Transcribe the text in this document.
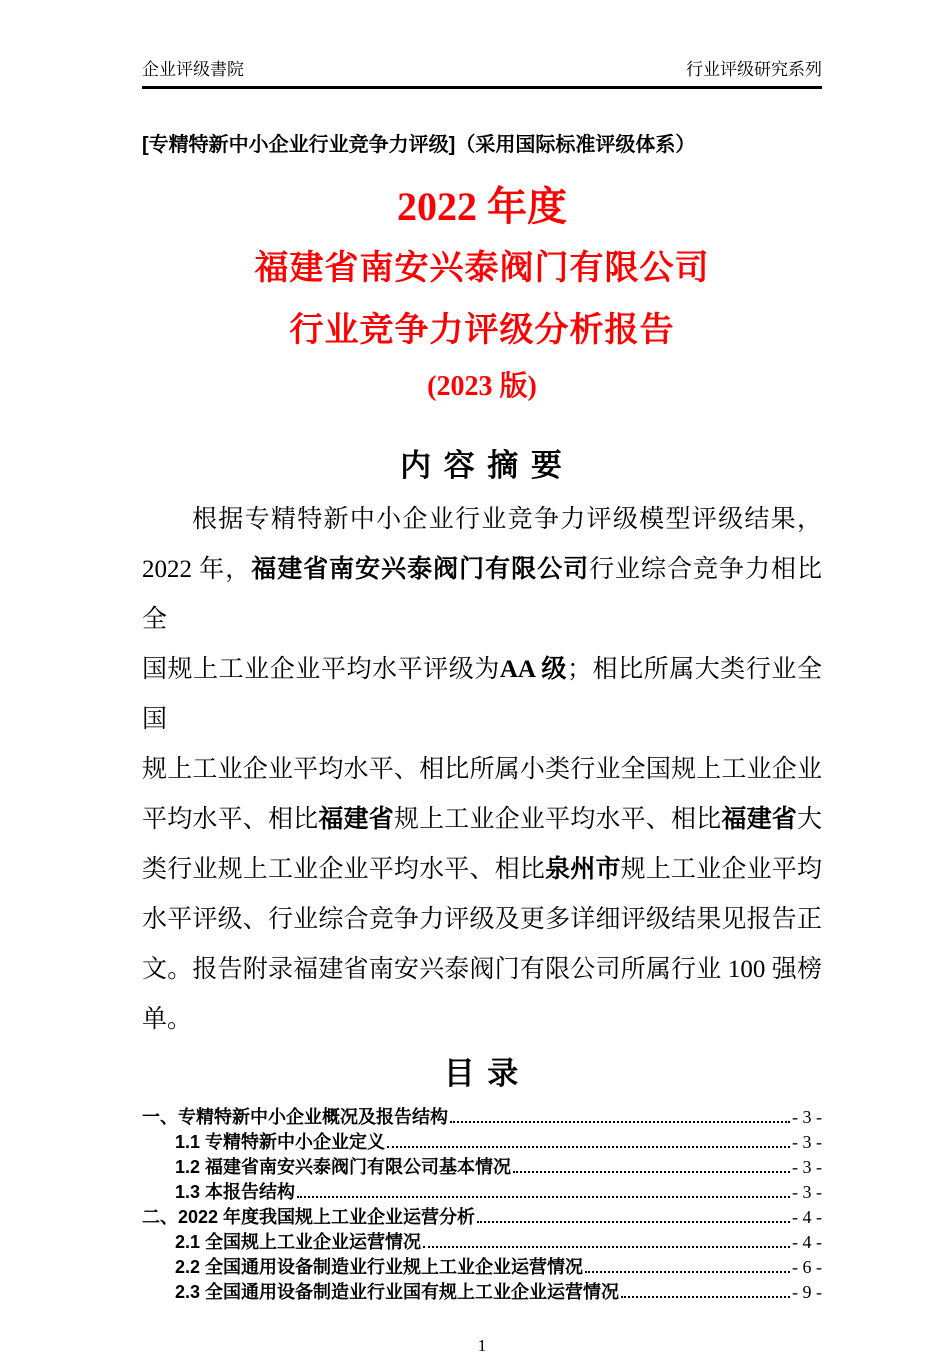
企业评级書院	行业评级研究系列
[专精特新中小企业行业竞争力评级]（采用国际标准评级体系）
2022 年度
福建省南安兴泰阀门有限公司
行业竞争力评级分析报告
(2023 版)
内 容 摘 要
根据专精特新中小企业行业竞争力评级模型评级结果，
2022 年，福建省南安兴泰阀门有限公司行业综合竞争力相比全
国规上工业企业平均水平评级为AA 级；相比所属大类行业全国
规上工业企业平均水平、相比所属小类行业全国规上工业企业
平均水平、相比福建省规上工业企业平均水平、相比福建省大
类行业规上工业企业平均水平、相比泉州市规上工业企业平均
水平评级、行业综合竞争力评级及更多详细评级结果见报告正
文。报告附录福建省南安兴泰阀门有限公司所属行业 100 强榜
单。
目 录
一、专精特新中小企业概况及报告结构	- 3 -
1.1 专精特新中小企业定义	- 3 -
1.2 福建省南安兴泰阀门有限公司基本情况	- 3 -
1.3 本报告结构	- 3 -
二、2022 年度我国规上工业企业运营分析	- 4 -
2.1 全国规上工业企业运营情况	- 4 -
2.2 全国通用设备制造业行业规上工业企业运营情况	- 6 -
2.3 全国通用设备制造业行业国有规上工业企业运营情况	- 9 -
1
